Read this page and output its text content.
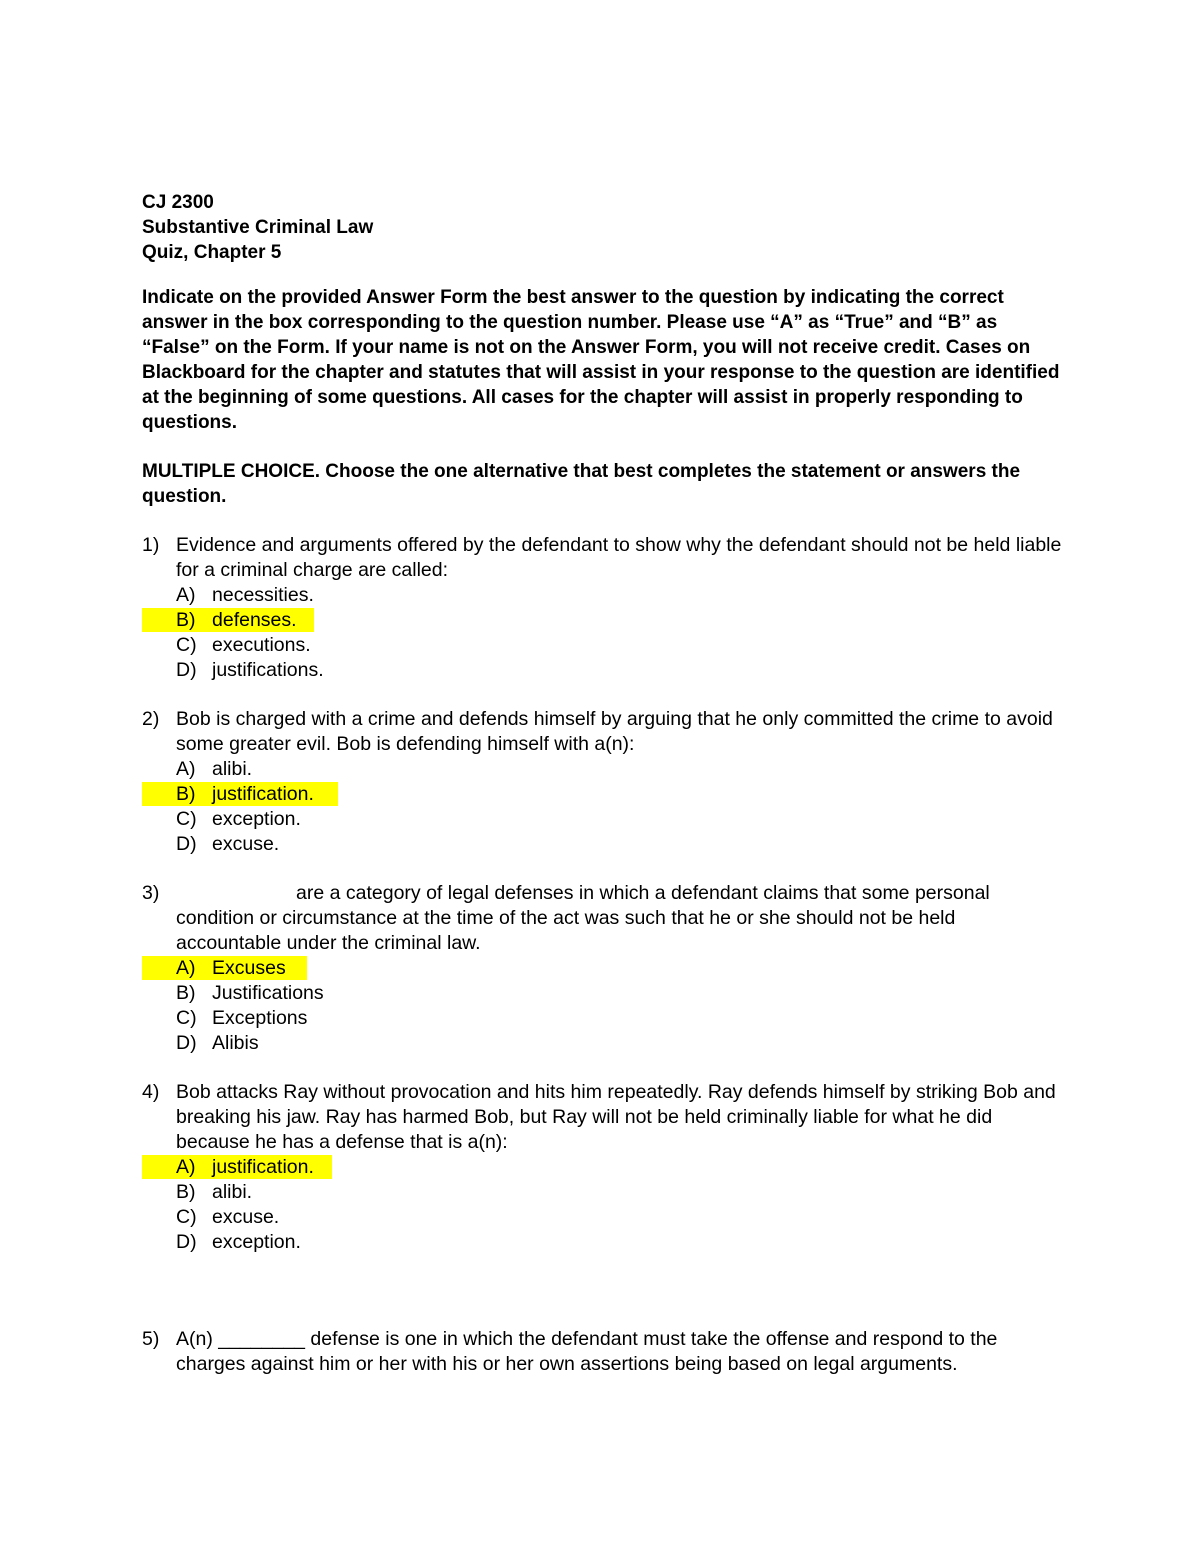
CJ 2300

Substantive Criminal Law

Quiz, Chapter 5

Indicate on the provided Answer Form the best answer to the question by indicating the correct answer in the box corresponding to the question number. Please use “A” as “True” and “B” as “False” on the Form. If your name is not on the Answer Form, you will not receive credit. Cases on Blackboard for the chapter and statutes that will assist in your response to the question are identified at the beginning of some questions. All cases for the chapter will assist in properly responding to questions.

MULTIPLE CHOICE. Choose the one alternative that best completes the statement or answers the question.

1) Evidence and arguments offered by the defendant to show why the defendant should not be held liable for a criminal charge are called:

A) necessities.
B) defenses.
C) executions.
D) justifications.
2) Bob is charged with a crime and defends himself by arguing that he only committed the crime to avoid some greater evil. Bob is defending himself with a(n):

A) alibi.
B) justification.
C) exception.
D) excuse.
3)	are a category of legal defenses in which a defendant claims that some personal condition or circumstance at the time of the act was such that he or she should not be held accountable under the criminal law.

A) Excuses
B) Justifications
C) Exceptions
D) Alibis
4) Bob attacks Ray without provocation and hits him repeatedly. Ray defends himself by striking Bob and breaking his jaw. Ray has harmed Bob, but Ray will not be held criminally liable for what he did because he has a defense that is a(n):

A) justification.
B) alibi.
C) excuse.
D) exception.
5) A(n) ________ defense is one in which the defendant must take the offense and respond to the charges against him or her with his or her own assertions being based on legal arguments.
